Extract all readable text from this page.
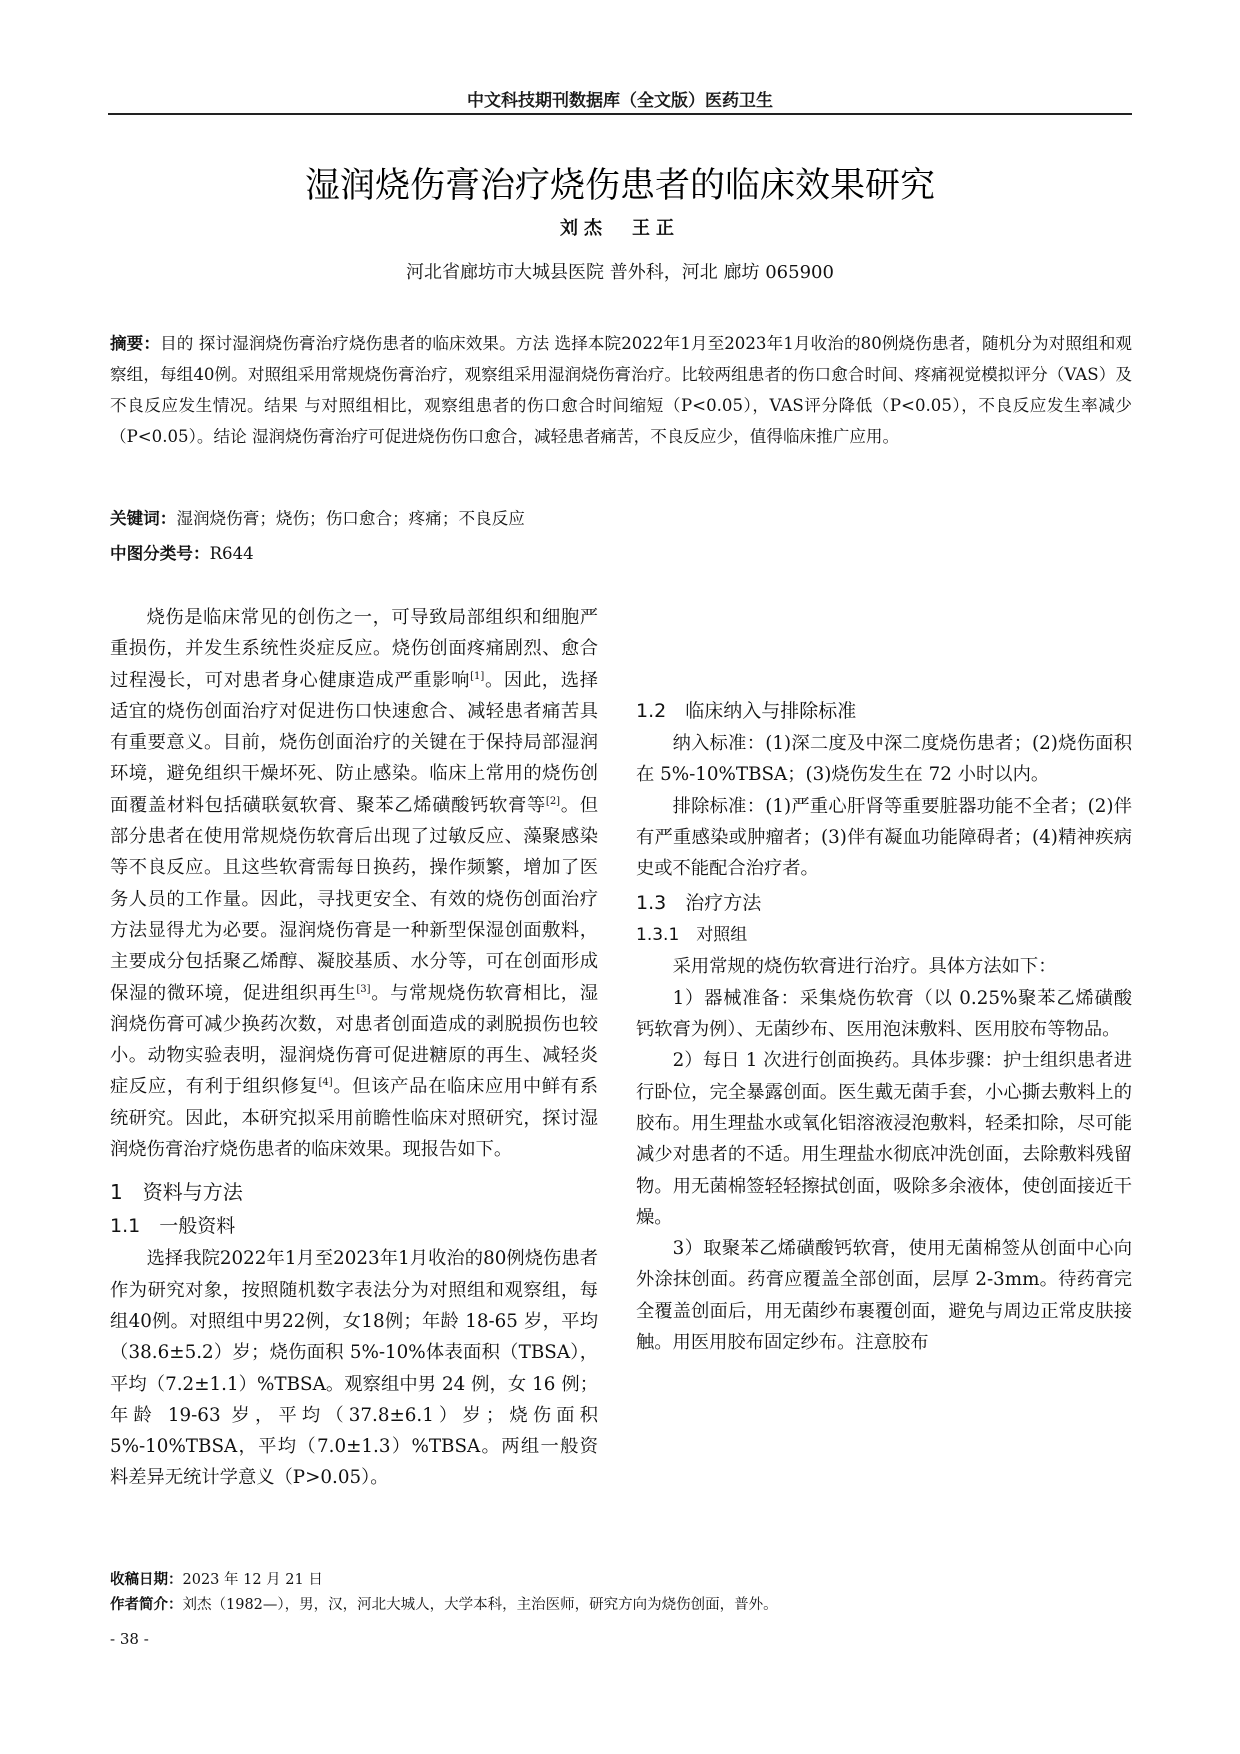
中文科技期刊数据库（全文版）医药卫生
湿润烧伤膏治疗烧伤患者的临床效果研究
刘杰　王正
河北省廊坊市大城县医院 普外科，河北 廊坊 065900
摘要：目的 探讨湿润烧伤膏治疗烧伤患者的临床效果。方法 选择本院2022年1月至2023年1月收治的80例烧伤患者，随机分为对照组和观察组，每组40例。对照组采用常规烧伤膏治疗，观察组采用湿润烧伤膏治疗。比较两组患者的伤口愈合时间、疼痛视觉模拟评分（VAS）及不良反应发生情况。结果 与对照组相比，观察组患者的伤口愈合时间缩短（P<0.05），VAS评分降低（P<0.05），不良反应发生率减少（P<0.05）。结论 湿润烧伤膏治疗可促进烧伤伤口愈合，减轻患者痛苦，不良反应少，值得临床推广应用。
关键词：湿润烧伤膏；烧伤；伤口愈合；疼痛；不良反应
中图分类号：R644

烧伤是临床常见的创伤之一，可导致局部组织和细胞严重损伤，并发生系统性炎症反应。烧伤创面疼痛剧烈、愈合过程漫长，可对患者身心健康造成严重影响[1]。因此，选择适宜的烧伤创面治疗对促进伤口快速愈合、减轻患者痛苦具有重要意义。目前，烧伤创面治疗的关键在于保持局部湿润环境，避免组织干燥坏死、防止感染。临床上常用的烧伤创面覆盖材料包括磺联氨软膏、聚苯乙烯磺酸钙软膏等[2]。但部分患者在使用常规烧伤软膏后出现了过敏反应、藻聚感染等不良反应。且这些软膏需每日换药，操作频繁，增加了医务人员的工作量。因此，寻找更安全、有效的烧伤创面治疗方法显得尤为必要。湿润烧伤膏是一种新型保湿创面敷料，主要成分包括聚乙烯醇、凝胶基质、水分等，可在创面形成保湿的微环境，促进组织再生[3]。与常规烧伤软膏相比，湿润烧伤膏可减少换药次数，对患者创面造成的剥脱损伤也较小。动物实验表明，湿润烧伤膏可促进糖原的再生、减轻炎症反应，有利于组织修复[4]。但该产品在临床应用中鲜有系统研究。因此，本研究拟采用前瞻性临床对照研究，探讨湿润烧伤膏治疗烧伤患者的临床效果。现报告如下。

1　资料与方法
1.1　一般资料

选择我院2022年1月至2023年1月收治的80例烧伤患者作为研究对象，按照随机数字表法分为对照组和观察组，每组40例。对照组中男22例，女18例；年龄 18-65 岁，平均（38.6±5.2）岁；烧伤面积 5%-10%体表面积（TBSA），平均（7.2±1.1）%TBSA。观察组中男 24 例，女 16 例；年龄 19-63 岁，平均（37.8±6.1）岁；烧伤面积 5%-10%TBSA，平均（7.0±1.3）%TBSA。两组一般资料差异无统计学意义（P>0.05）。

1.2　临床纳入与排除标准

纳入标准：(1)深二度及中深二度烧伤患者；(2)烧伤面积在 5%-10%TBSA；(3)烧伤发生在 72 小时以内。

排除标准：(1)严重心肝肾等重要脏器功能不全者；(2)伴有严重感染或肿瘤者；(3)伴有凝血功能障碍者；(4)精神疾病史或不能配合治疗者。

1.3　治疗方法
1.3.1　对照组

采用常规的烧伤软膏进行治疗。具体方法如下：

1）器械准备：采集烧伤软膏（以 0.25%聚苯乙烯磺酸钙软膏为例）、无菌纱布、医用泡沫敷料、医用胶布等物品。

2）每日 1 次进行创面换药。具体步骤：护士组织患者进行卧位，完全暴露创面。医生戴无菌手套，小心撕去敷料上的胶布。用生理盐水或氧化铝溶液浸泡敷料，轻柔扣除，尽可能减少对患者的不适。用生理盐水彻底冲洗创面，去除敷料残留物。用无菌棉签轻轻擦拭创面，吸除多余液体，使创面接近干燥。

3）取聚苯乙烯磺酸钙软膏，使用无菌棉签从创面中心向外涂抹创面。药膏应覆盖全部创面，层厚 2-3mm。待药膏完全覆盖创面后，用无菌纱布裹覆创面，避免与周边正常皮肤接触。用医用胶布固定纱布。注意胶布

收稿日期：2023 年 12 月 21 日
作者简介：刘杰（1982—），男，汉，河北大城人，大学本科，主治医师，研究方向为烧伤创面，普外。
- 38 -
